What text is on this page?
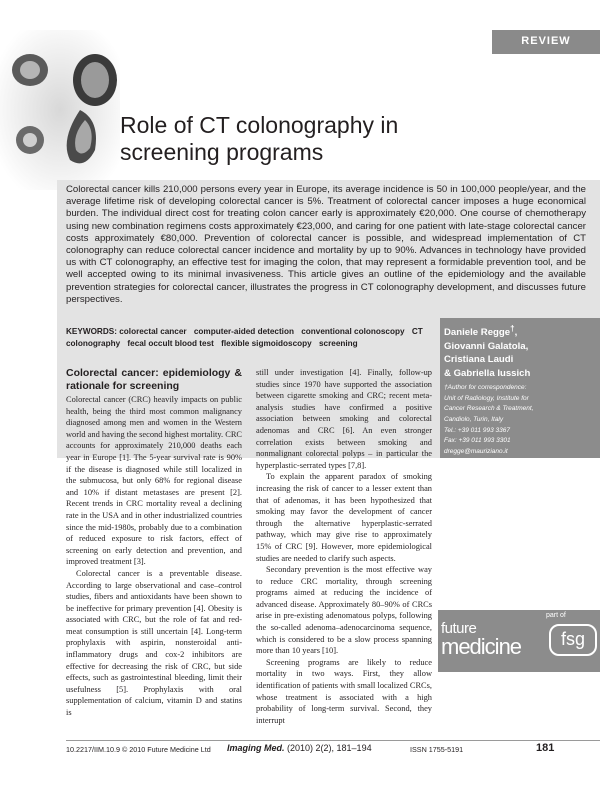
REVIEW
Role of CT colonography in screening programs

Colorectal cancer kills 210,000 persons every year in Europe, its average incidence is 50 in 100,000 people/year, and the average lifetime risk of developing colorectal cancer is 5%. Treatment of colorectal cancer imposes a huge economical burden. The individual direct cost for treating colon cancer early is approximately €20,000. One course of chemotherapy using new combination regimens costs approximately €23,000, and caring for one patient with late-stage colorectal cancer costs approximately €80,000. Prevention of colorectal cancer is possible, and widespread implementation of CT colonography can reduce colorectal cancer incidence and mortality by up to 90%. Advances in technology have provided us with CT colonography, an effective test for imaging the colon, that may represent a formidable prevention tool, and be well accepted owing to its minimal invasiveness. This article gives an outline of the epidemiology and the available prevention strategies for colorectal cancer, illustrates the progress in CT colonography development, and discusses future perspectives.

KEYWORDS: colorectal cancer computer-aided detection conventional colonoscopy CT colonography fecal occult blood test flexible sigmoidoscopy screening
Daniele Regge†,
Giovanni Galatola,
Cristiana Laudi
& Gabriella Iussich
†Author for correspondence:
Unit of Radiology, Institute for
Cancer Research & Treatment,
Candiolo, Turin, Italy
Tel.: +39 011 993 3367
Fax: +39 011 993 3301
dregge@mauriziano.it
Colorectal cancer: epidemiology & rationale for screening

Colorectal cancer (CRC) heavily impacts on public health, being the third most common malignancy diagnosed among men and women in the Western world and having the second highest mortality. CRC accounts for approximately 210,000 deaths each year in Europe [1]. The 5-year survival rate is 90% if the disease is diagnosed while still localized in the submucosa, but only 68% for regional disease and 10% if distant metastases are present [2]. Recent trends in CRC mortality reveal a declining rate in the USA and in other industrialized countries since the mid-1980s, probably due to a combination of reduced exposure to risk factors, effect of screening on early detection and prevention, and improved treatment [3].

Colorectal cancer is a preventable disease. According to large observational and case–control studies, fibers and antioxidants have been shown to be ineffective for primary prevention [4]. Obesity is associated with CRC, but the role of fat and red-meat consumption is still uncertain [4]. Long-term prophylaxis with aspirin, nonsteroidal anti-inflammatory drugs and cox-2 inhibitors are effective for decreasing the risk of CRC, but side effects, such as gastrointestinal bleeding, limit their usefulness [5]. Prophylaxis with oral supplementation of calcium, vitamin D and statins is

still under investigation [4]. Finally, follow-up studies since 1970 have supported the association between cigarette smoking and CRC; recent meta-analysis studies have confirmed a positive association between smoking and colorectal adenomas and CRC [6]. An even stronger correlation exists between smoking and nonmalignant colorectal polyps – in particular the hyperplastic-serrated types [7,8].

To explain the apparent paradox of smoking increasing the risk of cancer to a lesser extent than that of adenomas, it has been hypothesized that smoking may favor the development of cancer through the alternative hyperplastic-serrated pathway, which may give rise to approximately 15% of CRC [9]. However, more epidemiological studies are needed to clarify such aspects.

Secondary prevention is the most effective way to reduce CRC mortality, through screening programs aimed at reducing the incidence of advanced disease. Approximately 80–90% of CRCs arise in pre-existing adenomatous polyps, following the so-called adenoma–adenocarcinoma sequence, which is considered to be a slow process spanning more than 10 years [10].

Screening programs are likely to reduce mortality in two ways. First, they allow identification of patients with small localized CRCs, whose treatment is associated with a high probability of long-term survival. Second, they interrupt

future
medicine
part of
fsg
10.2217/IIM.10.9 © 2010 Future Medicine Ltd Imaging Med. (2010) 2(2), 181–194	ISSN 1755-5191	181
